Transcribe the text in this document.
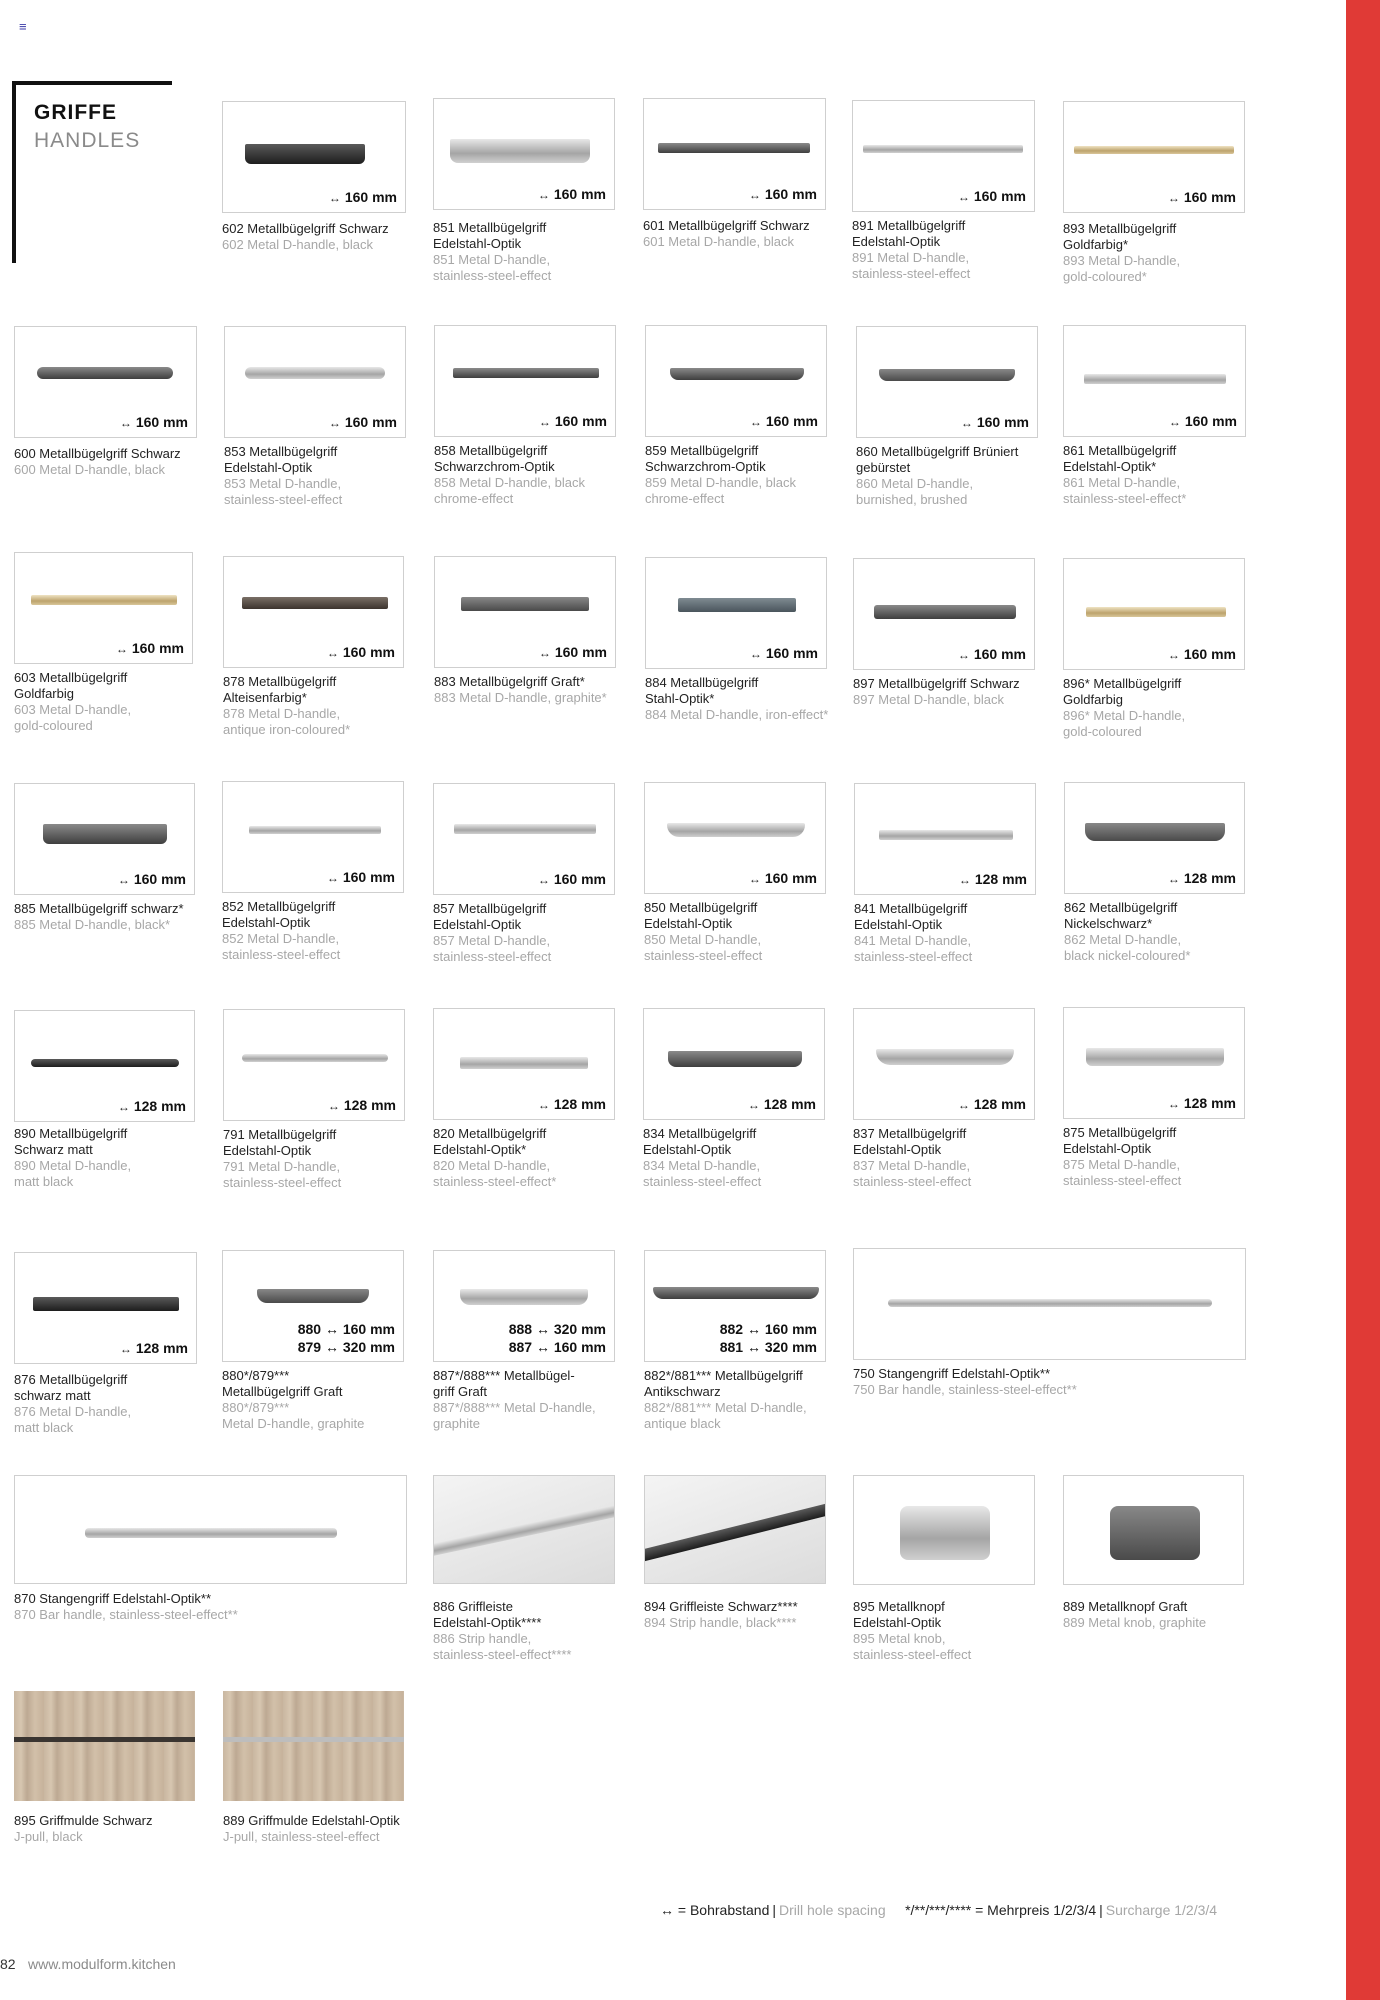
≡
GRIFFE
HANDLES
↔ 160 mm
602 Metallbügelgriff Schwarz
602 Metal D-handle, black
↔ 160 mm
851 Metallbügelgriff
Edelstahl-Optik
851 Metal D-handle,
stainless-steel-effect
↔ 160 mm
601 Metallbügelgriff Schwarz
601 Metal D-handle, black
↔ 160 mm
891 Metallbügelgriff
Edelstahl-Optik
891 Metal D-handle,
stainless-steel-effect
↔ 160 mm
893 Metallbügelgriff
Goldfarbig*
893 Metal D-handle,
gold-coloured*
↔ 160 mm
600 Metallbügelgriff Schwarz
600 Metal D-handle, black
↔ 160 mm
853 Metallbügelgriff
Edelstahl-Optik
853 Metal D-handle,
stainless-steel-effect
↔ 160 mm
858 Metallbügelgriff
Schwarzchrom-Optik
858 Metal D-handle, black
chrome-effect
↔ 160 mm
859 Metallbügelgriff
Schwarzchrom-Optik
859 Metal D-handle, black
chrome-effect
↔ 160 mm
860 Metallbügelgriff Brüniert
gebürstet
860 Metal D-handle,
burnished, brushed
↔ 160 mm
861 Metallbügelgriff
Edelstahl-Optik*
861 Metal D-handle,
stainless-steel-effect*
↔ 160 mm
603 Metallbügelgriff
Goldfarbig
603 Metal D-handle,
gold-coloured
↔ 160 mm
878 Metallbügelgriff
Alteisenfarbig*
878 Metal D-handle,
antique iron-coloured*
↔ 160 mm
883 Metallbügelgriff Graft*
883 Metal D-handle, graphite*
↔ 160 mm
884 Metallbügelgriff
Stahl-Optik*
884 Metal D-handle, iron-effect*
↔ 160 mm
897 Metallbügelgriff Schwarz
897 Metal D-handle, black
↔ 160 mm
896* Metallbügelgriff
Goldfarbig
896* Metal D-handle,
gold-coloured
↔ 160 mm
885 Metallbügelgriff schwarz*
885 Metal D-handle, black*
↔ 160 mm
852 Metallbügelgriff
Edelstahl-Optik
852 Metal D-handle,
stainless-steel-effect
↔ 160 mm
857 Metallbügelgriff
Edelstahl-Optik
857 Metal D-handle,
stainless-steel-effect
↔ 160 mm
850 Metallbügelgriff
Edelstahl-Optik
850 Metal D-handle,
stainless-steel-effect
↔ 128 mm
841 Metallbügelgriff
Edelstahl-Optik
841 Metal D-handle,
stainless-steel-effect
↔ 128 mm
862 Metallbügelgriff
Nickelschwarz*
862 Metal D-handle,
black nickel-coloured*
↔ 128 mm
890 Metallbügelgriff
Schwarz matt
890 Metal D-handle,
matt black
↔ 128 mm
791 Metallbügelgriff
Edelstahl-Optik
791 Metal D-handle,
stainless-steel-effect
↔ 128 mm
820 Metallbügelgriff
Edelstahl-Optik*
820 Metal D-handle,
stainless-steel-effect*
↔ 128 mm
834 Metallbügelgriff
Edelstahl-Optik
834 Metal D-handle,
stainless-steel-effect
↔ 128 mm
837 Metallbügelgriff
Edelstahl-Optik
837 Metal D-handle,
stainless-steel-effect
↔ 128 mm
875 Metallbügelgriff
Edelstahl-Optik
875 Metal D-handle,
stainless-steel-effect
↔ 128 mm
876 Metallbügelgriff
schwarz matt
876 Metal D-handle,
matt black
880 ↔ 160 mm
879 ↔ 320 mm
880*/879***
Metallbügelgriff Graft
880*/879***
Metal D-handle, graphite
888 ↔ 320 mm
887 ↔ 160 mm
887*/888*** Metallbügel-
griff Graft
887*/888*** Metal D-handle,
graphite
882 ↔ 160 mm
881 ↔ 320 mm
882*/881*** Metallbügelgriff
Antikschwarz
882*/881*** Metal D-handle,
antique black
750 Stangengriff Edelstahl-Optik**
750 Bar handle, stainless-steel-effect**
870 Stangengriff Edelstahl-Optik**
870 Bar handle, stainless-steel-effect**
886 Griffleiste
Edelstahl-Optik****
886 Strip handle,
stainless-steel-effect****
894 Griffleiste Schwarz****
894 Strip handle, black****
895 Metallknopf
Edelstahl-Optik
895 Metal knob,
stainless-steel-effect
889 Metallknopf Graft
889 Metal knob, graphite
895 Griffmulde Schwarz
J-pull, black
889 Griffmulde Edelstahl-Optik
J-pull, stainless-steel-effect
↔ = Bohrabstand | Drill hole spacing */**/***/**** = Mehrpreis 1/2/3/4 | Surcharge 1/2/3/4
82 www.modulform.kitchen
